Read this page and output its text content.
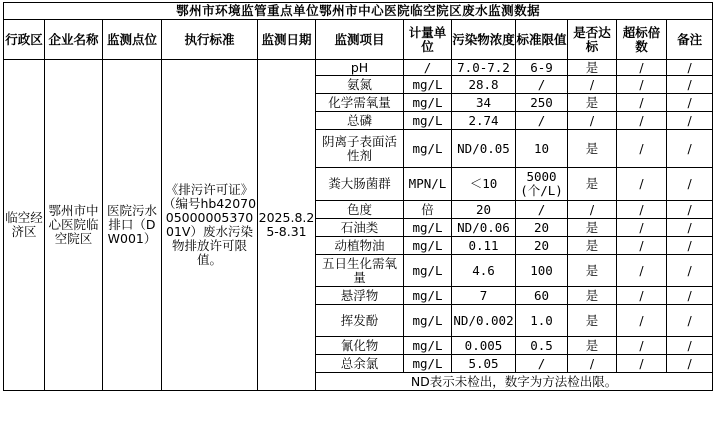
鄂州市环境监管重点单位鄂州市中心医院临空院区废水监测数据											
行政区	企业名称	监测点位	执行标准	监测日期	监测项目	计量单位	污染物浓度	标准限值	是否达标	超标倍数	备注
临空经济区	鄂州市中心医院临空院区	医院污水排口（DW001）	《排污许可证》（编号hb420700500000537001V）废水污染物排放许可限值。	2025.8.25-8.31	pH	/	7.0-7.2	6-9	是	/	/
					氨氮	mg/L	28.8	/	/	/	/
					化学需氧量	mg/L	34	250	是	/	/
					总磷	mg/L	2.74	/	/	/	/
					阴离子表面活性剂	mg/L	ND/0.05	10	是	/	/
					粪大肠菌群	MPN/L	＜10	5000(个/L)	是	/	/
					色度	倍	20	/	/	/	/
					石油类	mg/L	ND/0.06	20	是	/	/
					动植物油	mg/L	0.11	20	是	/	/
					五日生化需氧量	mg/L	4.6	100	是	/	/
					悬浮物	mg/L	7	60	是	/	/
					挥发酚	mg/L	ND/0.002	1.0	是	/	/
					氰化物	mg/L	0.005	0.5	是	/	/
					总余氯	mg/L	5.05	/	/	/	/
					ND表示未检出，数字为方法检出限。						
